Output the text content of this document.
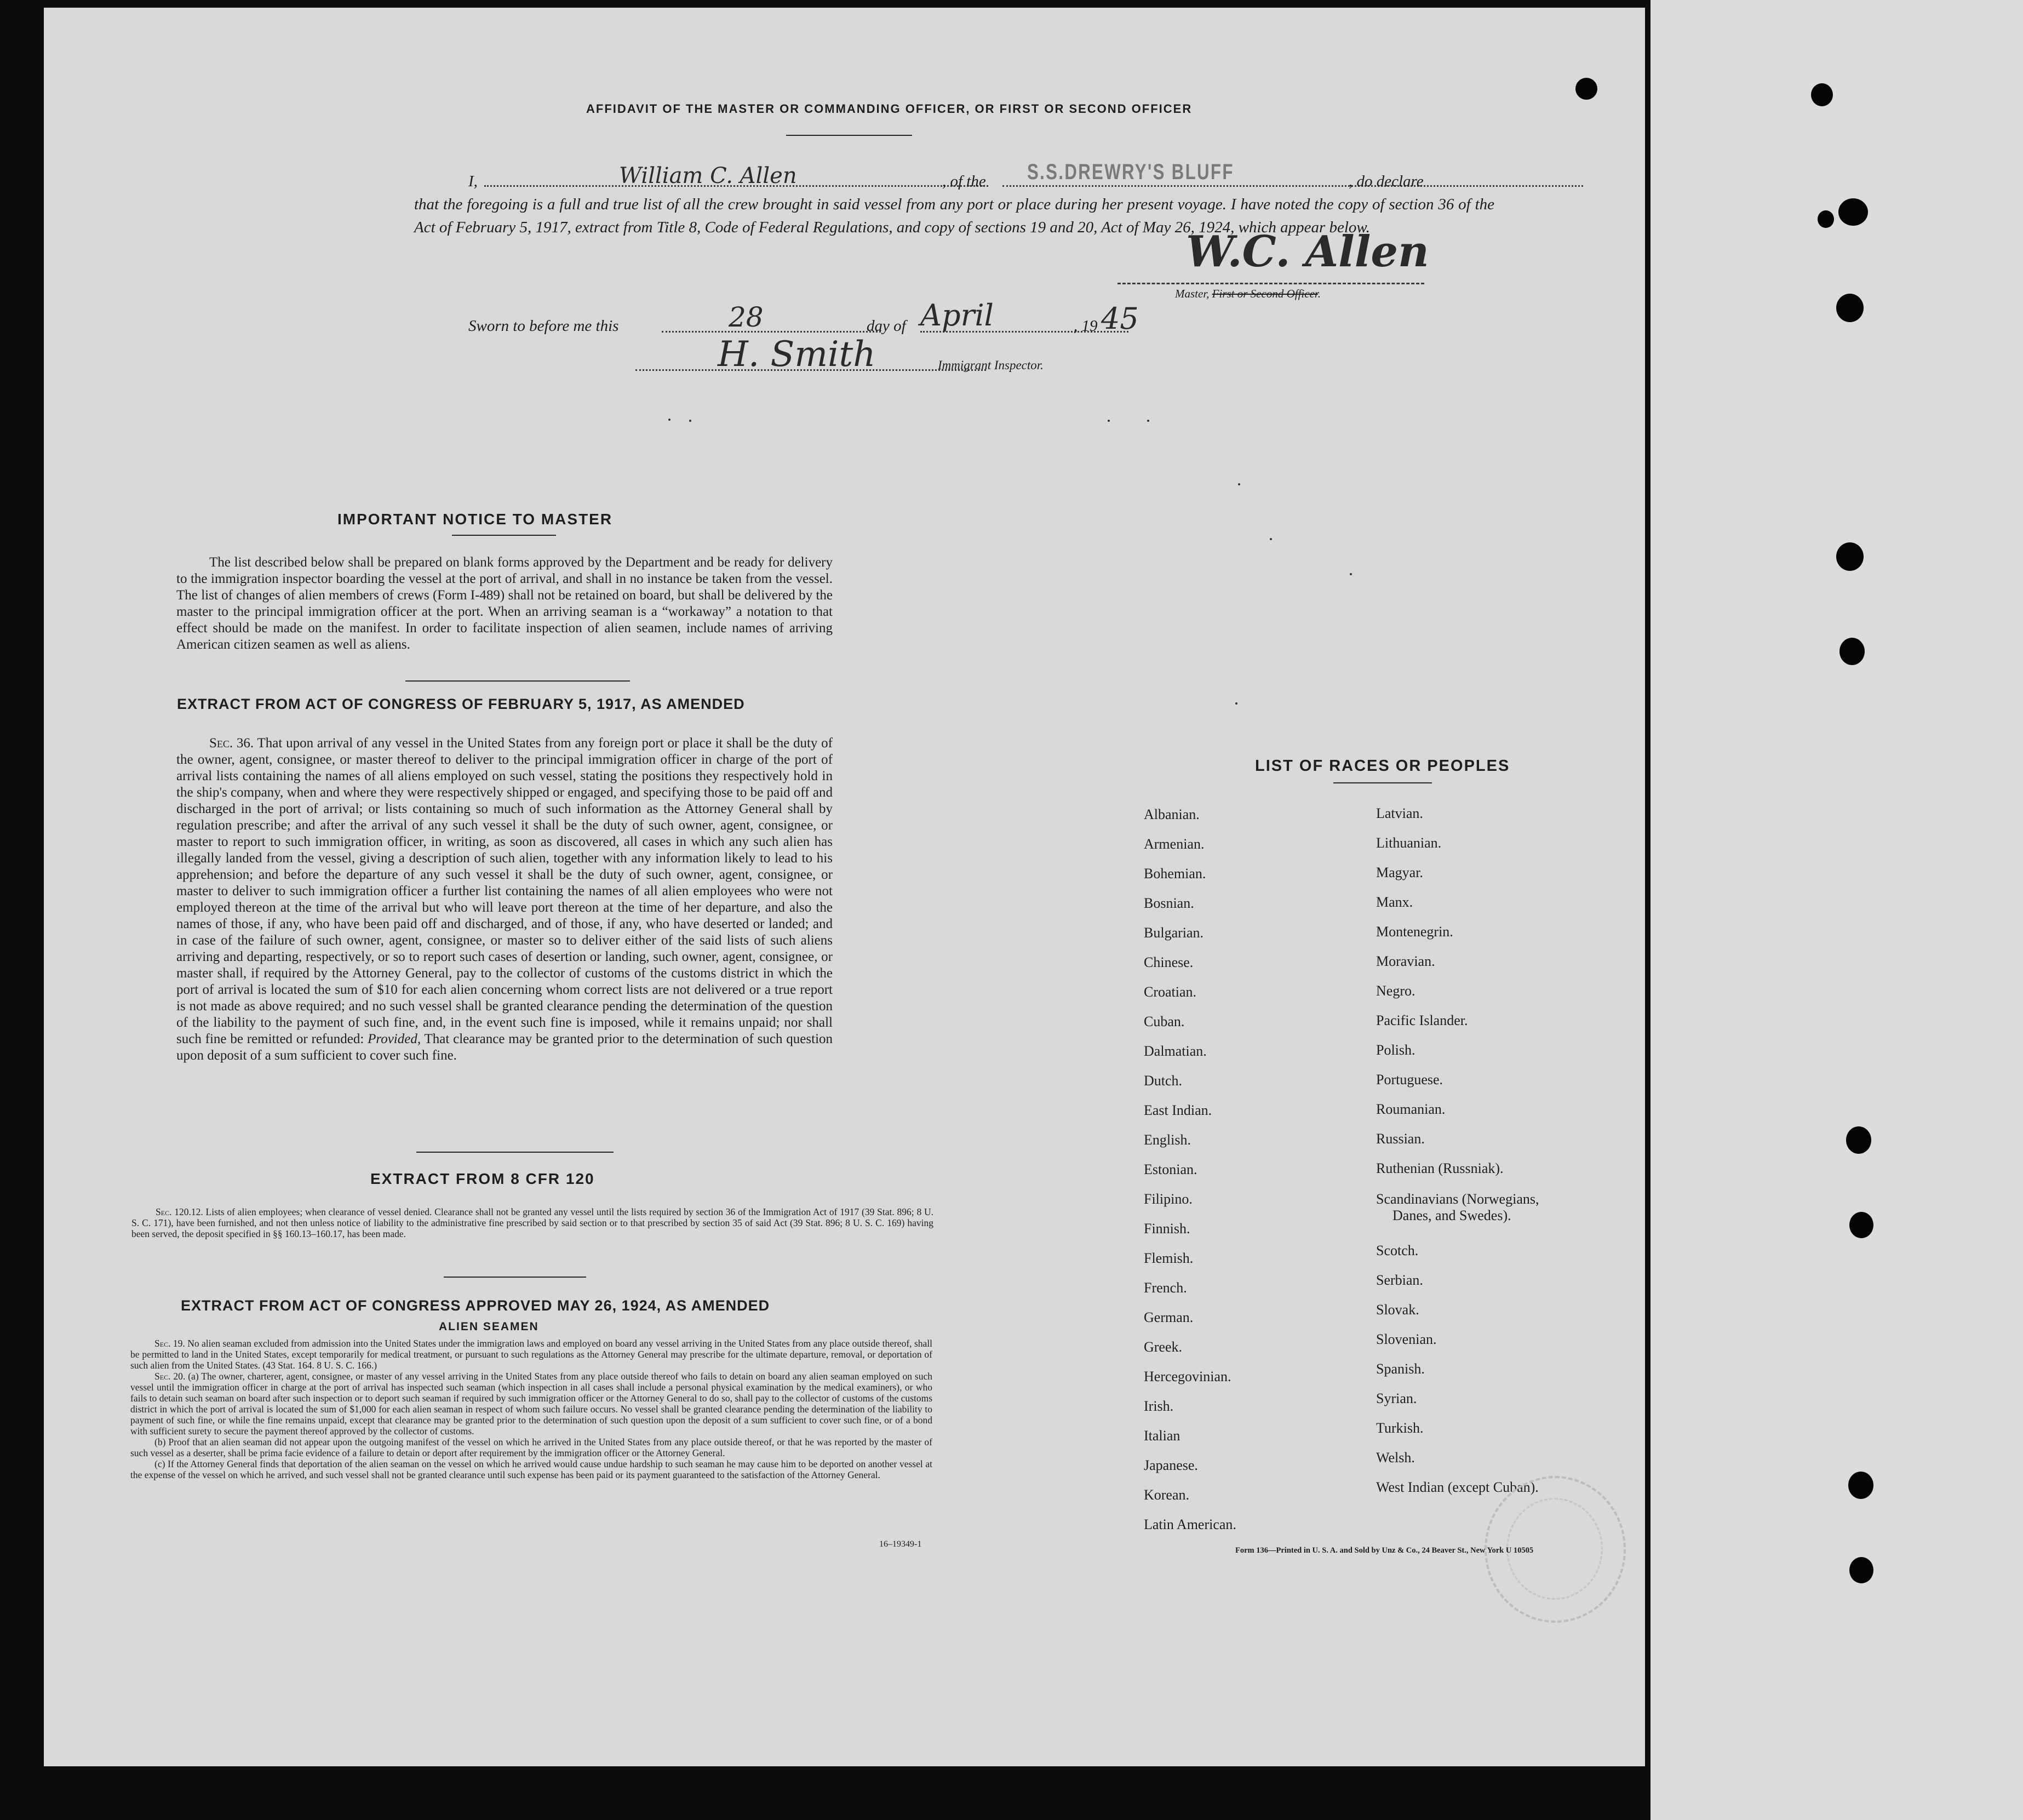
AFFIDAVIT OF THE MASTER OR COMMANDING OFFICER, OR FIRST OR SECOND OFFICER
I,	William C. Allen	, of the S.S.DREWRY'S BLUFF	, do declare
that the foregoing is a full and true list of all the crew brought in said vessel from any port or place during her present voyage. I have noted the copy of section 36 of the Act of February 5, 1917, extract from Title 8, Code of Federal Regulations, and copy of sections 19 and 20, Act of May 26, 1924, which appear below.
W.C. Allen
Master, First or Second Officer.
Sworn to before me this	28	day of April	, 19 45
H. Smith	Immigrant Inspector.
IMPORTANT NOTICE TO MASTER
The list described below shall be prepared on blank forms approved by the Department and be ready for delivery to the immigration inspector boarding the vessel at the port of arrival, and shall in no instance be taken from the vessel. The list of changes of alien members of crews (Form I-489) shall not be retained on board, but shall be delivered by the master to the principal immigration officer at the port. When an arriving seaman is a “workaway” a notation to that effect should be made on the manifest. In order to facilitate inspection of alien seamen, include names of arriving American citizen seamen as well as aliens.
EXTRACT FROM ACT OF CONGRESS OF FEBRUARY 5, 1917, AS AMENDED
Sec. 36. That upon arrival of any vessel in the United States from any foreign port or place it shall be the duty of the owner, agent, consignee, or master thereof to deliver to the principal immigration officer in charge of the port of arrival lists containing the names of all aliens employed on such vessel, stating the positions they respectively hold in the ship's company, when and where they were respectively shipped or engaged, and specifying those to be paid off and discharged in the port of arrival; or lists containing so much of such information as the Attorney General shall by regulation prescribe; and after the arrival of any such vessel it shall be the duty of such owner, agent, consignee, or master to report to such immigration officer, in writing, as soon as discovered, all cases in which any such alien has illegally landed from the vessel, giving a description of such alien, together with any information likely to lead to his apprehension; and before the departure of any such vessel it shall be the duty of such owner, agent, consignee, or master to deliver to such immigration officer a further list containing the names of all alien employees who were not employed thereon at the time of the arrival but who will leave port thereon at the time of her departure, and also the names of those, if any, who have been paid off and discharged, and of those, if any, who have deserted or landed; and in case of the failure of such owner, agent, consignee, or master so to deliver either of the said lists of such aliens arriving and departing, respectively, or so to report such cases of desertion or landing, such owner, agent, consignee, or master shall, if required by the Attorney General, pay to the collector of customs of the customs district in which the port of arrival is located the sum of $10 for each alien concerning whom correct lists are not delivered or a true report is not made as above required; and no such vessel shall be granted clearance pending the determination of the question of the liability to the payment of such fine, and, in the event such fine is imposed, while it remains unpaid; nor shall such fine be remitted or refunded: Provided, That clearance may be granted prior to the determination of such question upon deposit of a sum sufficient to cover such fine.
EXTRACT FROM 8 CFR 120
Sec. 120.12. Lists of alien employees; when clearance of vessel denied. Clearance shall not be granted any vessel until the lists required by section 36 of the Immigration Act of 1917 (39 Stat. 896; 8 U. S. C. 171), have been furnished, and not then unless notice of liability to the administrative fine prescribed by said section or to that prescribed by section 35 of said Act (39 Stat. 896; 8 U. S. C. 169) having been served, the deposit specified in §§ 160.13–160.17, has been made.
EXTRACT FROM ACT OF CONGRESS APPROVED MAY 26, 1924, AS AMENDED
ALIEN SEAMEN
Sec. 19. No alien seaman excluded from admission into the United States under the immigration laws and employed on board any vessel arriving in the United States from any place outside thereof, shall be permitted to land in the United States, except temporarily for medical treatment, or pursuant to such regulations as the Attorney General may prescribe for the ultimate departure, removal, or deportation of such alien from the United States. (43 Stat. 164. 8 U. S. C. 166.)
Sec. 20. (a) The owner, charterer, agent, consignee, or master of any vessel arriving in the United States from any place outside thereof who fails to detain on board any alien seaman employed on such vessel until the immigration officer in charge at the port of arrival has inspected such seaman (which inspection in all cases shall include a personal physical examination by the medical examiners), or who fails to detain such seaman on board after such inspection or to deport such seaman if required by such immigration officer or the Attorney General to do so, shall pay to the collector of customs of the customs district in which the port of arrival is located the sum of $1,000 for each alien seaman in respect of whom such failure occurs. No vessel shall be granted clearance pending the determination of the liability to payment of such fine, or while the fine remains unpaid, except that clearance may be granted prior to the determination of such question upon the deposit of a sum sufficient to cover such fine, or of a bond with sufficient surety to secure the payment thereof approved by the collector of customs.
(b) Proof that an alien seaman did not appear upon the outgoing manifest of the vessel on which he arrived in the United States from any place outside thereof, or that he was reported by the master of such vessel as a deserter, shall be prima facie evidence of a failure to detain or deport after requirement by the immigration officer or the Attorney General.
(c) If the Attorney General finds that deportation of the alien seaman on the vessel on which he arrived would cause undue hardship to such seaman he may cause him to be deported on another vessel at the expense of the vessel on which he arrived, and such vessel shall not be granted clearance until such expense has been paid or its payment guaranteed to the satisfaction of the Attorney General.
16–19349-1
LIST OF RACES OR PEOPLES
Albanian.
Armenian.
Bohemian.
Bosnian.
Bulgarian.
Chinese.
Croatian.
Cuban.
Dalmatian.
Dutch.
East Indian.
English.
Estonian.
Filipino.
Finnish.
Flemish.
French.
German.
Greek.
Hercegovinian.
Irish.
Italian
Japanese.
Korean.
Latin American.
Latvian.
Lithuanian.
Magyar.
Manx.
Montenegrin.
Moravian.
Negro.
Pacific Islander.
Polish.
Portuguese.
Roumanian.
Russian.
Ruthenian (Russniak).
Scandinavians (Norwegians,
Danes, and Swedes).
Scotch.
Serbian.
Slovak.
Slovenian.
Spanish.
Syrian.
Turkish.
Welsh.
West Indian (except Cuban).
Form 136—Printed in U. S. A. and Sold by Unz & Co., 24 Beaver St., New York U 10505
